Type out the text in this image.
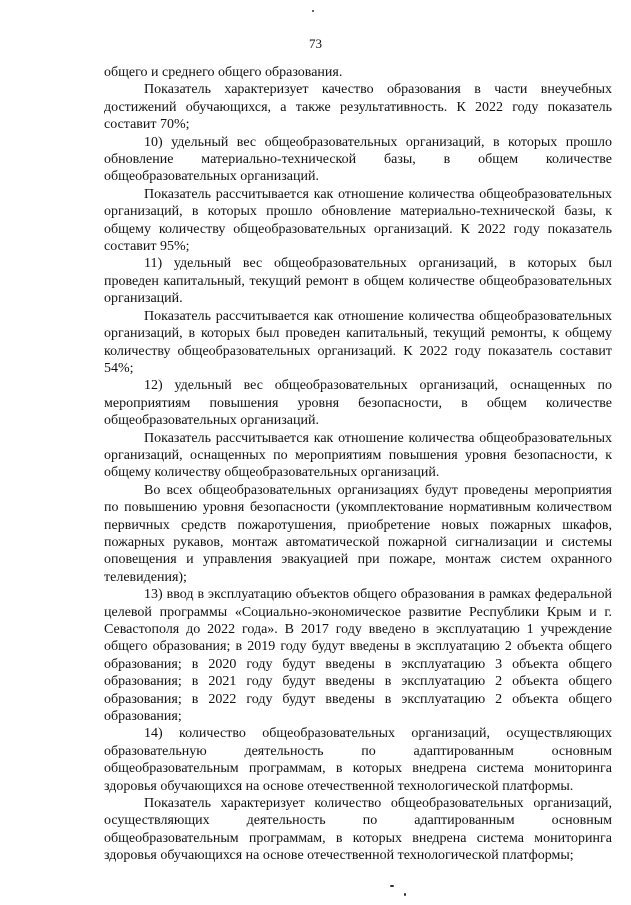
73

общего и среднего общего образования.

Показатель характеризует качество образования в части внеучебных достижений обучающихся, а также результативность. К 2022 году показатель составит 70%;

10) удельный вес общеобразовательных организаций, в которых прошло обновление материально-технической базы, в общем количестве общеобразовательных организаций.

Показатель рассчитывается как отношение количества общеобразовательных организаций, в которых прошло обновление материально-технической базы, к общему количеству общеобразовательных организаций. К 2022 году показатель составит 95%;

11) удельный вес общеобразовательных организаций, в которых был проведен капитальный, текущий ремонт в общем количестве общеобразовательных организаций.

Показатель рассчитывается как отношение количества общеобразовательных организаций, в которых был проведен капитальный, текущий ремонты, к общему количеству общеобразовательных организаций. К 2022 году показатель составит 54%;

12) удельный вес общеобразовательных организаций, оснащенных по мероприятиям повышения уровня безопасности, в общем количестве общеобразовательных организаций.

Показатель рассчитывается как отношение количества общеобразовательных организаций, оснащенных по мероприятиям повышения уровня безопасности, к общему количеству общеобразовательных организаций.

Во всех общеобразовательных организациях будут проведены мероприятия по повышению уровня безопасности (укомплектование нормативным количеством первичных средств пожаротушения, приобретение новых пожарных шкафов, пожарных рукавов, монтаж автоматической пожарной сигнализации и системы оповещения и управления эвакуацией при пожаре, монтаж систем охранного телевидения);

13) ввод в эксплуатацию объектов общего образования в рамках федеральной целевой программы «Социально-экономическое развитие Республики Крым и г. Севастополя до 2022 года». В 2017 году введено в эксплуатацию 1 учреждение общего образования; в 2019 году будут введены в эксплуатацию 2 объекта общего образования; в 2020 году будут введены в эксплуатацию 3 объекта общего образования; в 2021 году будут введены в эксплуатацию 2 объекта общего образования; в 2022 году будут введены в эксплуатацию 2 объекта общего образования;

14) количество общеобразовательных организаций, осуществляющих образовательную деятельность по адаптированным основным общеобразовательным программам, в которых внедрена система мониторинга здоровья обучающихся на основе отечественной технологической платформы.

Показатель характеризует количество общеобразовательных организаций, осуществляющих деятельность по адаптированным основным общеобразовательным программам, в которых внедрена система мониторинга здоровья обучающихся на основе отечественной технологической платформы;
